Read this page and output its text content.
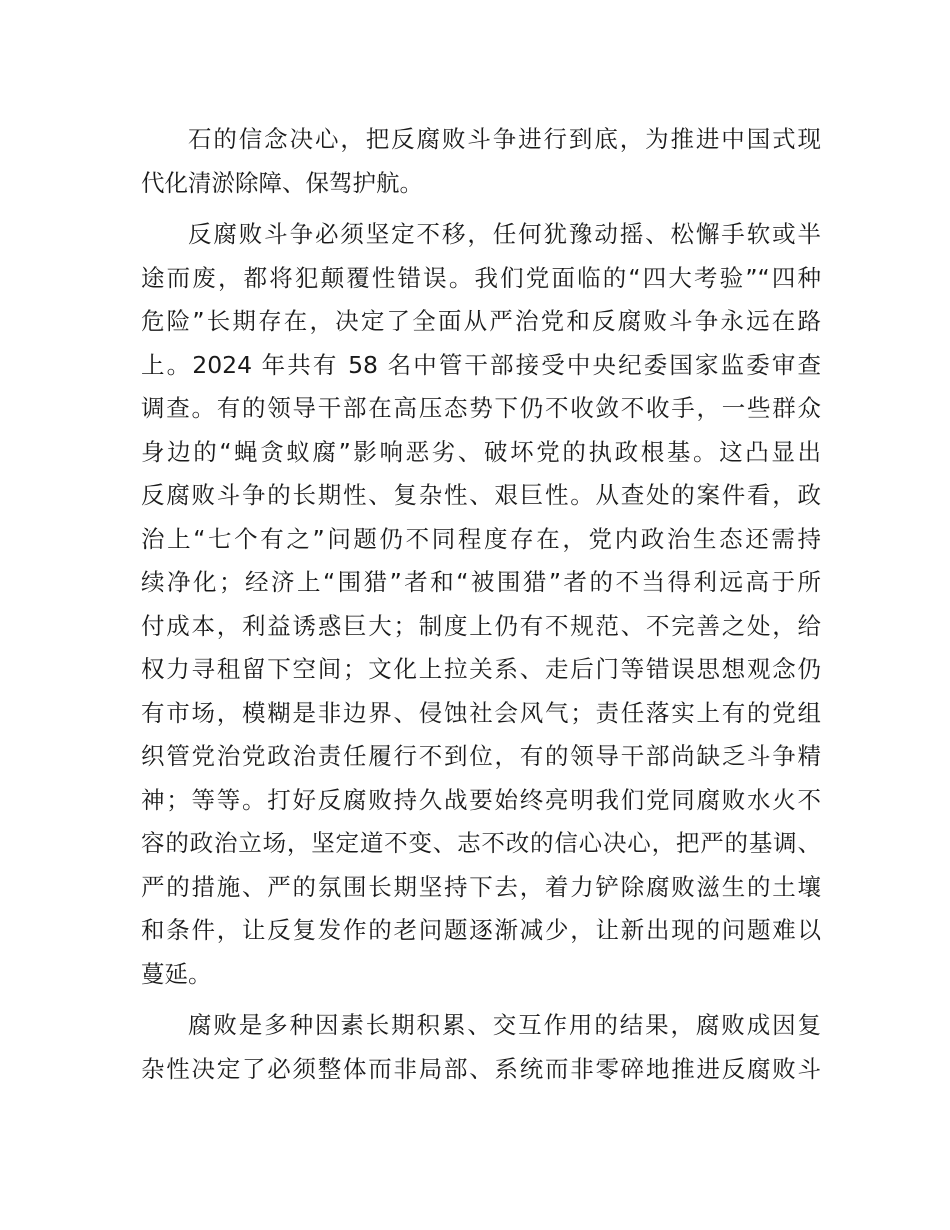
石的信念决心，把反腐败斗争进行到底，为推进中国式现
代化清淤除障、保驾护航。
反腐败斗争必须坚定不移，任何犹豫动摇、松懈手软或半
途而废，都将犯颠覆性错误。我们党面临的“四大考验”“四种
危险”长期存在，决定了全面从严治党和反腐败斗争永远在路
上。2024 年共有 58 名中管干部接受中央纪委国家监委审查
调查。有的领导干部在高压态势下仍不收敛不收手，一些群众
身边的“蝇贪蚁腐”影响恶劣、破坏党的执政根基。这凸显出
反腐败斗争的长期性、复杂性、艰巨性。从查处的案件看，政
治上“七个有之”问题仍不同程度存在，党内政治生态还需持
续净化；经济上“围猎”者和“被围猎”者的不当得利远高于所
付成本，利益诱惑巨大；制度上仍有不规范、不完善之处，给
权力寻租留下空间；文化上拉关系、走后门等错误思想观念仍
有市场，模糊是非边界、侵蚀社会风气；责任落实上有的党组
织管党治党政治责任履行不到位，有的领导干部尚缺乏斗争精
神；等等。打好反腐败持久战要始终亮明我们党同腐败水火不
容的政治立场，坚定道不变、志不改的信心决心，把严的基调、
严的措施、严的氛围长期坚持下去，着力铲除腐败滋生的土壤
和条件，让反复发作的老问题逐渐减少，让新出现的问题难以
蔓延。
腐败是多种因素长期积累、交互作用的结果，腐败成因复
杂性决定了必须整体而非局部、系统而非零碎地推进反腐败斗
